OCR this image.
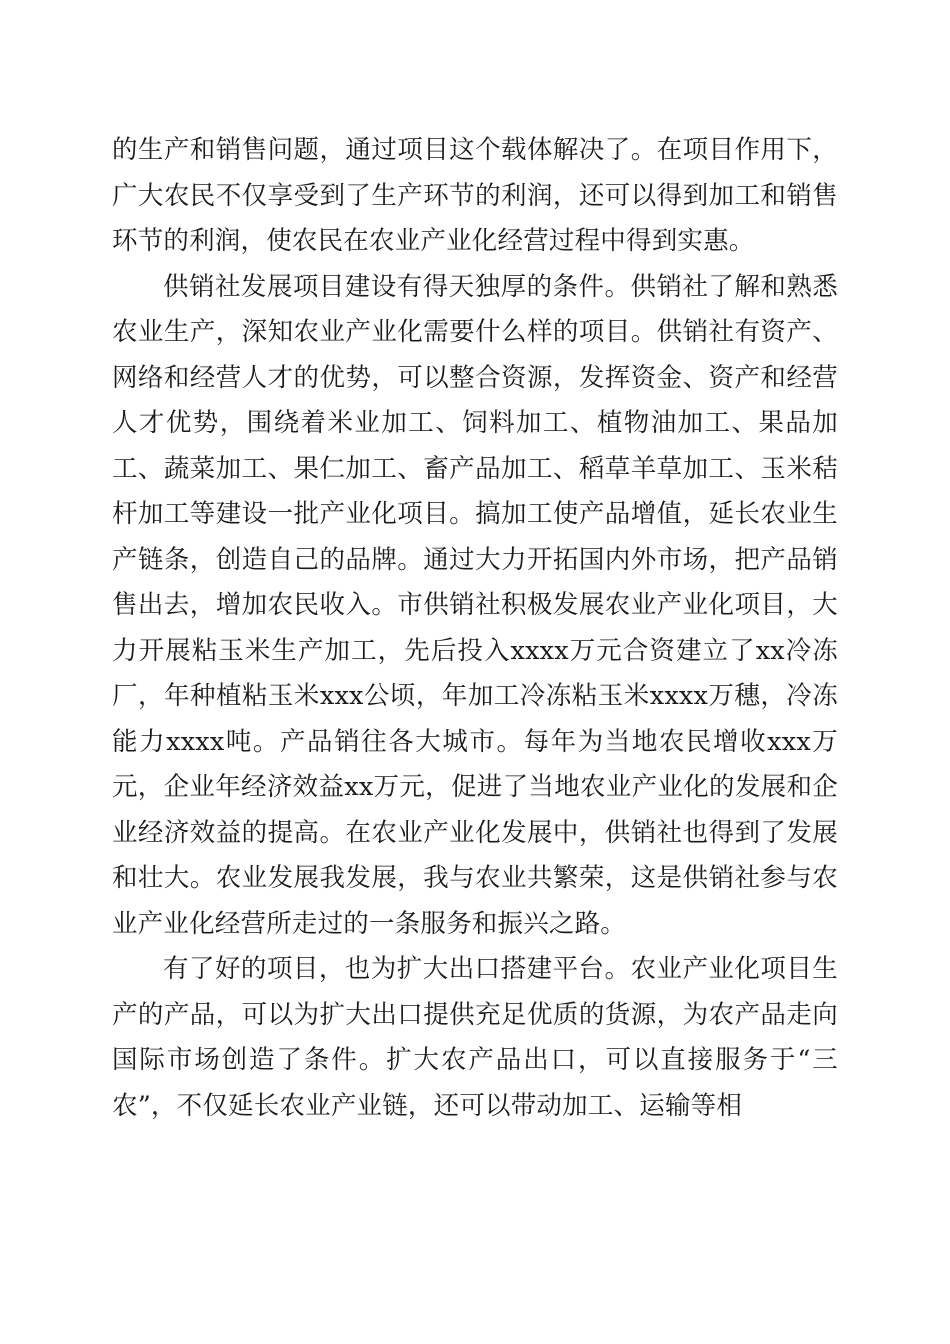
的生产和销售问题，通过项目这个载体解决了。在项目作用下，广大农民不仅享受到了生产环节的利润，还可以得到加工和销售环节的利润，使农民在农业产业化经营过程中得到实惠。

供销社发展项目建设有得天独厚的条件。供销社了解和熟悉农业生产，深知农业产业化需要什么样的项目。供销社有资产、网络和经营人才的优势，可以整合资源，发挥资金、资产和经营人才优势，围绕着米业加工、饲料加工、植物油加工、果品加工、蔬菜加工、果仁加工、畜产品加工、稻草羊草加工、玉米秸杆加工等建设一批产业化项目。搞加工使产品增值，延长农业生产链条，创造自己的品牌。通过大力开拓国内外市场，把产品销售出去，增加农民收入。市供销社积极发展农业产业化项目，大力开展粘玉米生产加工，先后投入xxxx万元合资建立了xx冷冻厂，年种植粘玉米xxx公顷，年加工冷冻粘玉米xxxx万穗，冷冻能力xxxx吨。产品销往各大城市。每年为当地农民增收xxx万元，企业年经济效益xx万元，促进了当地农业产业化的发展和企业经济效益的提高。在农业产业化发展中，供销社也得到了发展和壮大。农业发展我发展，我与农业共繁荣，这是供销社参与农业产业化经营所走过的一条服务和振兴之路。

有了好的项目，也为扩大出口搭建平台。农业产业化项目生产的产品，可以为扩大出口提供充足优质的货源，为农产品走向国际市场创造了条件。扩大农产品出口，可以直接服务于“三农”，不仅延长农业产业链，还可以带动加工、运输等相
